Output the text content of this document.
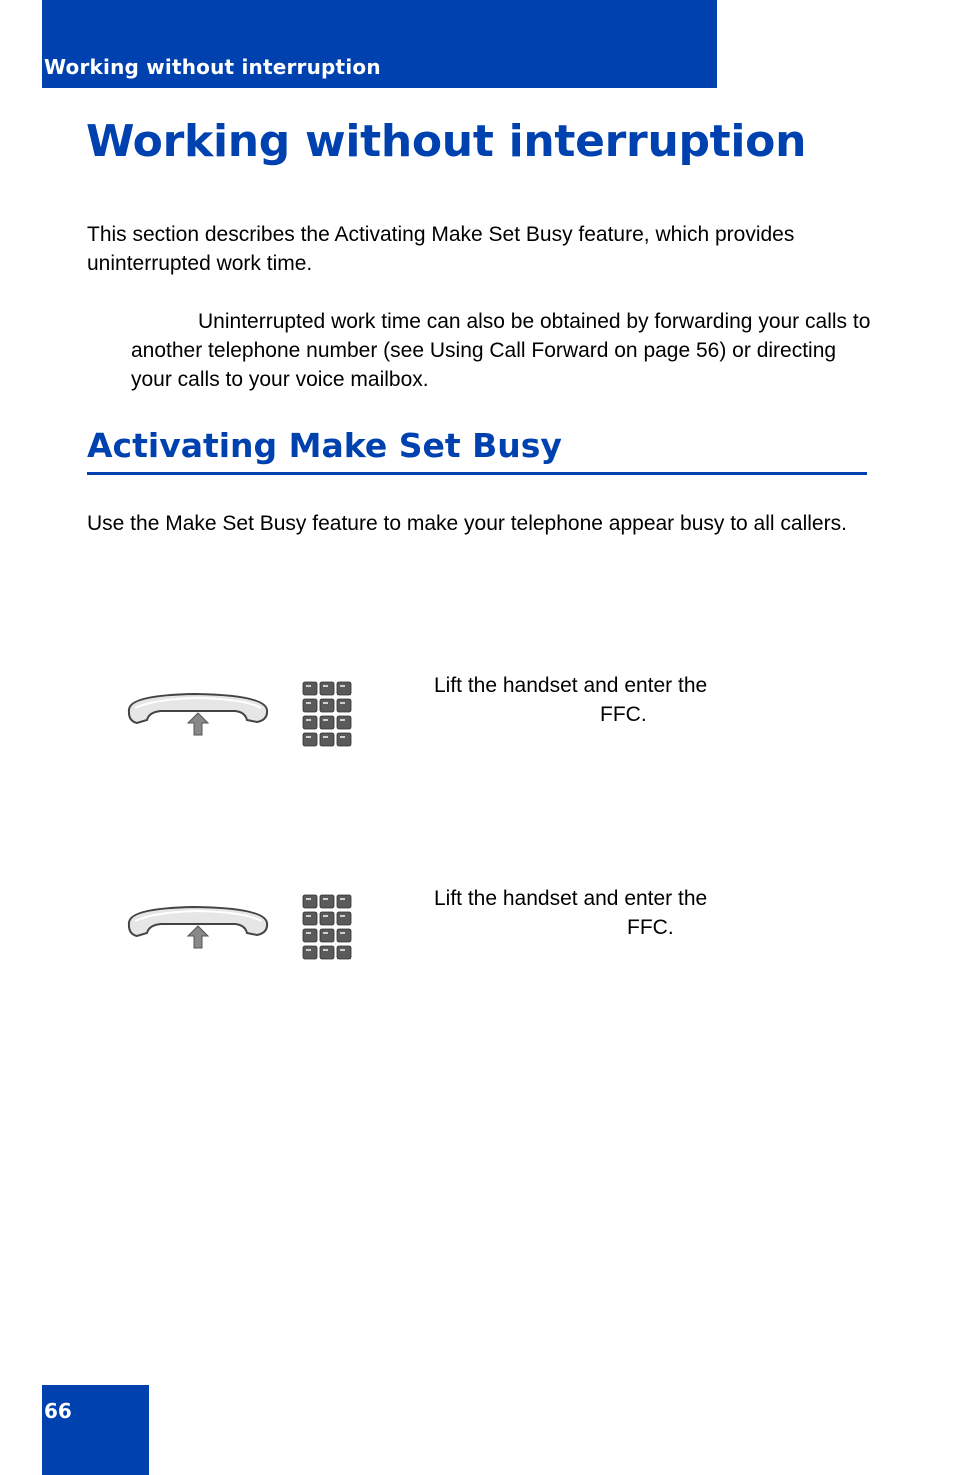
Working without interruption
Working without interruption

This section describes the Activating Make Set Busy feature, which provides uninterrupted work time.

Uninterrupted work time can also be obtained by forwarding your calls to another telephone number (see Using Call Forward on page 56) or directing your calls to your voice mailbox.

Activating Make Set Busy

Use the Make Set Busy feature to make your telephone appear busy to all callers.

Lift the handset and enter the
FFC.
Lift the handset and enter the
FFC.
66
